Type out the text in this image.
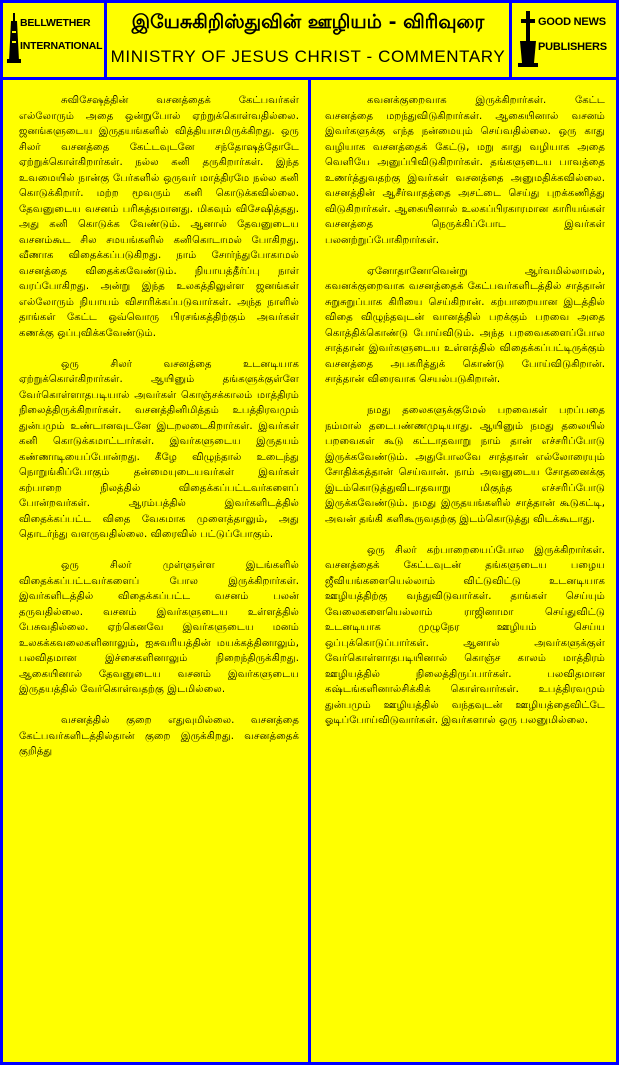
BELLWETHER
INTERNATIONAL
இயேசுகிறிஸ்துவின் ஊழியம் - விரிவுரை
MINISTRY OF JESUS CHRIST - COMMENTARY
GOOD NEWS
PUBLISHERS

சுவிசேஷத்தின் வசனத்தைக் கேட்பவர்கள் எல்லோரும் அதை ஒன்றுபோல் ஏற்றுக்கொள்வதில்லை. ஜனங்களுடைய இருதயங்களில் வித்தியாசமிருக்கிறது. ஒரு சிலர் வசனத்தை கேட்டவுடனே சந்தோஷத்தோடே ஏற்றுக்கொள்கிறார்கள். நல்ல கனி தருகிறார்கள். இந்த உவமையில் நான்கு பேர்களில் ஒருவர் மாத்திரமே நல்ல கனி கொடுக்கிறார். மற்ற மூவரும் கனி கொடுக்கவில்லை. தேவனுடைய வசனம் பரிசுத்தமானது. மிகவும் விசேஷித்தது. அது கனி கொடுக்க வேண்டும். ஆனால் தேவனுடைய வசனம்கூட சில சமயங்களில் கனிகொடாமல் போகிறது. வீணாக விதைக்கப்படுகிறது. நாம் சோர்ந்துபோகாமல் வசனத்தை விதைக்கவேண்டும். நியாயத்தீர்ப்பு நாள் வரப்போகிறது. அன்று இந்த உலகத்திலுள்ள ஜனங்கள் எல்லோரும் நியாயம் விசாரிக்கப்படுவார்கள். அந்த நாளில் தாங்கள் கேட்ட ஒவ்வொரு பிரசங்கத்திற்கும் அவர்கள் கணக்கு ஒப்புவிக்கவேண்டும்.

ஒரு சிலர் வசனத்தை உடனடியாக ஏற்றுக்கொள்கிறார்கள். ஆயினும் தங்களுக்குள்ளே வேர்கொள்ளாதபடியால் அவர்கள் கொஞ்சக்காலம் மாத்திரம் நிலைத்திருக்கிறார்கள். வசனத்தினிமித்தம் உபத்திரவமும் துன்பமும் உண்டானவுடனே இடறலடைகிறார்கள். இவர்கள் கனி கொடுக்கமாட்டார்கள். இவர்களுடைய இருதயம் கண்ணாடியைப்போன்றது. கீழே விழுந்தால் உடைந்து நொறுங்கிப்போகும் தன்மையுடையவர்கள் இவர்கள் கற்பாறை நிலத்தில் விதைக்கப்பட்டவர்களைப் போன்றவர்கள். ஆரம்பத்தில் இவர்களிடத்தில் விதைக்கப்பட்ட விதை வேகமாக முளைத்தாலும், அது தொடர்ந்து வளருவதில்லை. விரைவில் பட்டுப்போகும்.

ஒரு சிலர் முள்ளுள்ள இடங்களில் விதைக்கப்பட்டவர்களைப் போல இருக்கிறார்கள். இவர்களிடத்தில் விதைக்கப்பட்ட வசனம் பலன் தருவதில்லை. வசனம் இவர்களுடைய உள்ளத்தில் பேசுவதில்லை. ஏற்கெனவே இவர்களுடைய மனம் உலகக்கவலைகளினாலும், ஐசுவரியத்தின் மயக்கத்தினாலும், பலவிதமான இச்சைகளினாலும் நிறைந்திருக்கிறது. ஆகையினால் தேவனுடைய வசனம் இவர்களுடைய இருதயத்தில் வேர்கொள்வதற்கு இடமில்லை.

வசனத்தில் குறை எதுவுமில்லை. வசனத்தை கேட்பவர்களிடத்தில்தான் குறை இருக்கிறது. வசனத்தைக் குறித்து

கவனக்குறைவாக இருக்கிறார்கள். கேட்ட வசனத்தை மறந்துவிடுகிறார்கள். ஆகையினால் வசனம் இவர்களுக்கு எந்த நன்மையும் செய்வதில்லை. ஒரு காது வழியாக வசனத்தைக் கேட்டு, மறு காது வழியாக அதை வெளியே அனுப்பிவிடுகிறார்கள். தங்களுடைய பாவத்தை உணர்த்துவதற்கு இவர்கள் வசனத்தை அனுமதிக்கவில்லை. வசனத்தின் ஆசீர்வாதத்தை அசட்டை செய்து புறக்கணித்து விடுகிறார்கள். ஆகையினால் உலகப்பிரகாரமான காரியங்கள் வசனத்தை நெருக்கிப்போட இவர்கள் பலனற்றுப்போகிறார்கள்.

ஏனோதானோவென்று ஆர்வமில்லாமல், கவனக்குறைவாக வசனத்தைக் கேட்பவர்களிடத்தில் சாத்தான் சுறுசுறுப்பாக கிரியை செய்கிறான். கற்பாறையான இடத்தில் விதை விழுந்தவுடன் வானத்தில் பறக்கும் பறவை அதை கொத்திக்கொண்டு போய்விடும். அந்த பறவைகளைப்போல சாத்தான் இவர்களுடைய உள்ளத்தில் விதைக்கப்பட்டிருக்கும் வசனத்தை அபகரித்துக் கொண்டு போய்விடுகிறான். சாத்தான் விரைவாக செயல்படுகிறான்.

நமது தலைகளுக்குமேல் பறவைகள் பறப்பதை நம்மால் தடைபண்ணமுடியாது. ஆயினும் நமது தலையில் பறவைகள் கூடு கட்டாதவாறு நாம் தான் எச்சரிப்போடு இருக்கவேண்டும். அதுபோலவே சாத்தான் எல்லோரையும் சோதிக்கத்தான் செய்வான். நாம் அவனுடைய சோதனைக்கு இடம்கொடுத்துவிடாதவாறு மிகுந்த எச்சரிப்போடு இருக்கவேண்டும். நமது இருதயங்களில் சாத்தான் கூடுகட்டி, அவன் தங்கி களிகூருவதற்கு இடம்கொடுத்து விடக்கூடாது.

ஒரு சிலர் கற்பாறையைப்போல இருக்கிறார்கள். வசனத்தைக் கேட்டவுடன் தங்களுடைய பழைய ஜீவியங்களையெல்லாம் விட்டுவிட்டு உடனடியாக ஊழியத்திற்கு வந்துவிடுவார்கள். தாங்கள் செய்யும் வேலைகளையெல்லாம் ராஜினாமா செய்துவிட்டு உடனடியாக முழுநேர ஊழியம் செய்ய ஒப்புக்கொடுப்பார்கள். ஆனால் அவர்களுக்குள் வேர்கொள்ளாதபடியினால் கொஞ்ச காலம் மாத்திரம் ஊழியத்தில் நிலைத்திருப்பார்கள். பலவிதமான கஷ்டங்களினால்சிக்கிக் கொள்வார்கள். உபத்திரவமும் துன்பமும் ஊழியத்தில் வந்தவுடன் ஊழியத்தைவிட்டே ஓடிப்போய்விடுவார்கள். இவர்களால் ஒரு பலனுமில்லை.
